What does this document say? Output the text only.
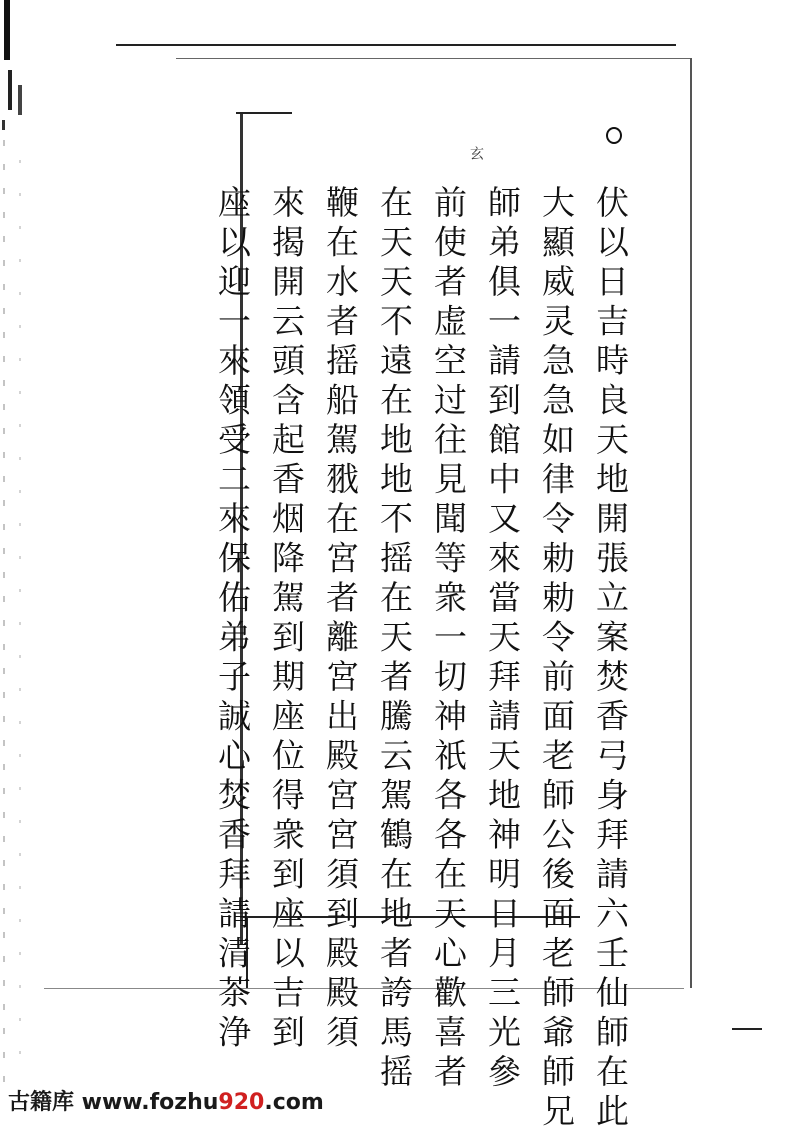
玄
伏以日吉時良天地開張立案焚香弓身拜請六壬仙師在此
大顯威灵急急如律令勅勅令前面老師公後面老師爺師兄
師弟俱一請到館中又來當天拜請天地神明日月三光參
前使者虚空过往見聞等衆一切神祇各各在天心歡喜者
在天天不遠在地地不摇在天者騰云駕鶴在地者誇馬摇
鞭在水者摇船駕𦐂在宮者離宮出殿宮宮須到殿殿須
來揭開云頭含起香烟降駕到期座位得衆到座以吉到
座以迎一來領受二來保佑弟子誠心焚香拜請清茶浄
古籍库 www.fozhu920.com
